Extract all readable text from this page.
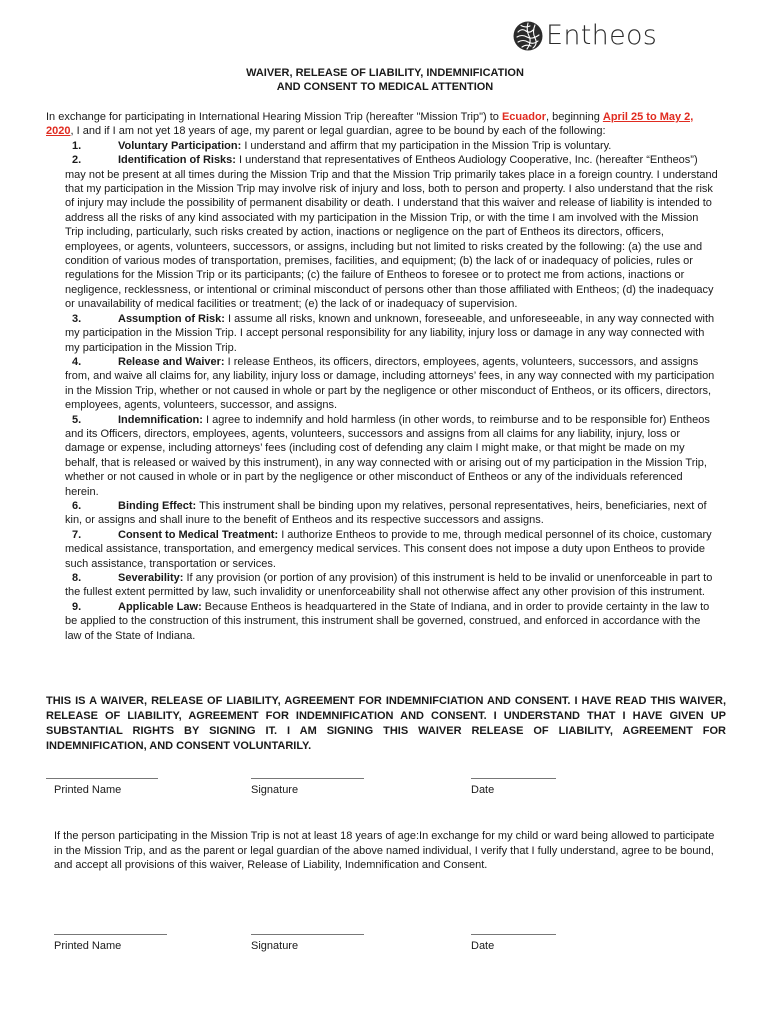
Entheos
WAIVER, RELEASE OF LIABILITY, INDEMNIFICATION
AND CONSENT TO MEDICAL ATTENTION

In exchange for participating in International Hearing Mission Trip (hereafter "Mission Trip") to Ecuador, beginning April 25 to May 2, 2020, I and if I am not yet 18 years of age, my parent or legal guardian, agree to be bound by each of the following:

1.	Voluntary Participation: I understand and affirm that my participation in the Mission Trip is voluntary.
2.	Identification of Risks: I understand that representatives of Entheos Audiology Cooperative, Inc. (hereafter “Entheos”) may not be present at all times during the Mission Trip and that the Mission Trip primarily takes place in a foreign country. I understand that my participation in the Mission Trip may involve risk of injury and loss, both to person and property. I also understand that the risk of injury may include the possibility of permanent disability or death. I understand that this waiver and release of liability is intended to address all the risks of any kind associated with my participation in the Mission Trip, or with the time I am involved with the Mission Trip including, particularly, such risks created by action, inactions or negligence on the part of Entheos its directors, officers, employees, or agents, volunteers, successors, or assigns, including but not limited to risks created by the following: (a) the use and condition of various modes of transportation, premises, facilities, and equipment; (b) the lack of or inadequacy of policies, rules or regulations for the Mission Trip or its participants; (c) the failure of Entheos to foresee or to protect me from actions, inactions or negligence, recklessness, or intentional or criminal misconduct of persons other than those affiliated with Entheos; (d) the inadequacy or unavailability of medical facilities or treatment; (e) the lack of or inadequacy of supervision.
3.	Assumption of Risk: I assume all risks, known and unknown, foreseeable, and unforeseeable, in any way connected with my participation in the Mission Trip. I accept personal responsibility for any liability, injury loss or damage in any way connected with my participation in the Mission Trip.
4.	Release and Waiver: I release Entheos, its officers, directors, employees, agents, volunteers, successors, and assigns from, and waive all claims for, any liability, injury loss or damage, including attorneys’ fees, in any way connected with my participation in the Mission Trip, whether or not caused in whole or part by the negligence or other misconduct of Entheos, or its officers, directors, employees, agents, volunteers, successor, and assigns.
5.	Indemnification: I agree to indemnify and hold harmless (in other words, to reimburse and to be responsible for) Entheos and its Officers, directors, employees, agents, volunteers, successors and assigns from all claims for any liability, injury, loss or damage or expense, including attorneys’ fees (including cost of defending any claim I might make, or that might be made on my behalf, that is released or waived by this instrument), in any way connected with or arising out of my participation in the Mission Trip, whether or not caused in whole or in part by the negligence or other misconduct of Entheos or any of the individuals referenced herein.
6.	Binding Effect: This instrument shall be binding upon my relatives, personal representatives, heirs, beneficiaries, next of kin, or assigns and shall inure to the benefit of Entheos and its respective successors and assigns.
7.	Consent to Medical Treatment: I authorize Entheos to provide to me, through medical personnel of its choice, customary medical assistance, transportation, and emergency medical services. This consent does not impose a duty upon Entheos to provide such assistance, transportation or services.
8.	Severability: If any provision (or portion of any provision) of this instrument is held to be invalid or unenforceable in part to the fullest extent permitted by law, such invalidity or unenforceability shall not otherwise affect any other provision of this instrument.
9.	Applicable Law: Because Entheos is headquartered in the State of Indiana, and in order to provide certainty in the law to be applied to the construction of this instrument, this instrument shall be governed, construed, and enforced in accordance with the law of the State of Indiana.
THIS IS A WAIVER, RELEASE OF LIABILITY, AGREEMENT FOR INDEMNIFCIATION AND CONSENT. I HAVE READ THIS WAIVER, RELEASE OF LIABILITY, AGREEMENT FOR INDEMNIFICATION AND CONSENT. I UNDERSTAND THAT I HAVE GIVEN UP SUBSTANTIAL RIGHTS BY SIGNING IT. I AM SIGNING THIS WAIVER RELEASE OF LIABILITY, AGREEMENT FOR INDEMNIFICATION, AND CONSENT VOLUNTARILY.
Printed Name	Signature	Date
If the person participating in the Mission Trip is not at least 18 years of age:In exchange for my child or ward being allowed to participate in the Mission Trip, and as the parent or legal guardian of the above named individual, I verify that I fully understand, agree to be bound, and accept all provisions of this waiver, Release of Liability, Indemnification and Consent.
Printed Name	Signature	Date
